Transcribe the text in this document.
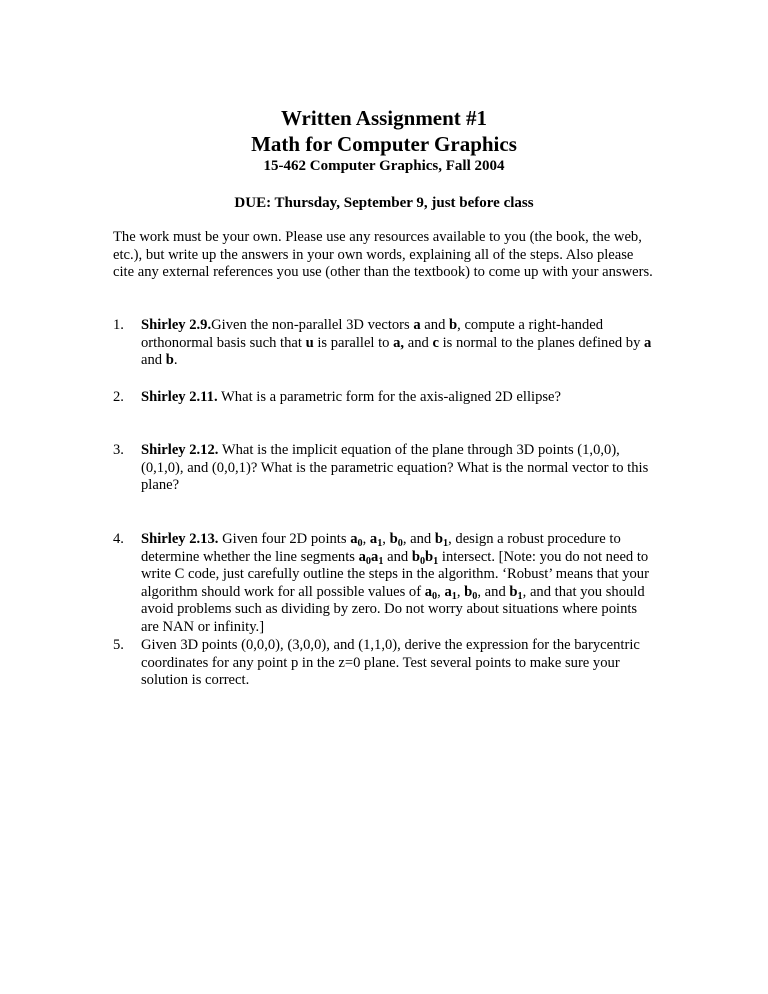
Written Assignment #1
Math for Computer Graphics
15-462 Computer Graphics, Fall 2004
DUE: Thursday, September 9, just before class

The work must be your own. Please use any resources available to you (the book, the web, etc.), but write up the answers in your own words, explaining all of the steps. Also please cite any external references you use (other than the textbook) to come up with your answers.

1.	Shirley 2.9.Given the non-parallel 3D vectors a and b, compute a right-handed orthonormal basis such that u is parallel to a, and c is normal to the planes defined by a and b.
2.	Shirley 2.11. What is a parametric form for the axis-aligned 2D ellipse?
3.	Shirley 2.12. What is the implicit equation of the plane through 3D points (1,0,0), (0,1,0), and (0,0,1)? What is the parametric equation? What is the normal vector to this plane?
4.	Shirley 2.13. Given four 2D points $a_0$, $a_1$, $b_0$, and $b_1$, design a robust procedure to determine whether the line segments $a_0a_1$ and $b_0b_1$ intersect. [Note: you do not need to write C code, just carefully outline the steps in the algorithm. ‘Robust’ means that your algorithm should work for all possible values of $a_0$, $a_1$, $b_0$, and $b_1$, and that you should avoid problems such as dividing by zero. Do not worry about situations where points are NAN or infinity.]
5.	Given 3D points (0,0,0), (3,0,0), and (1,1,0), derive the expression for the barycentric coordinates for any point p in the z=0 plane. Test several points to make sure your solution is correct.
